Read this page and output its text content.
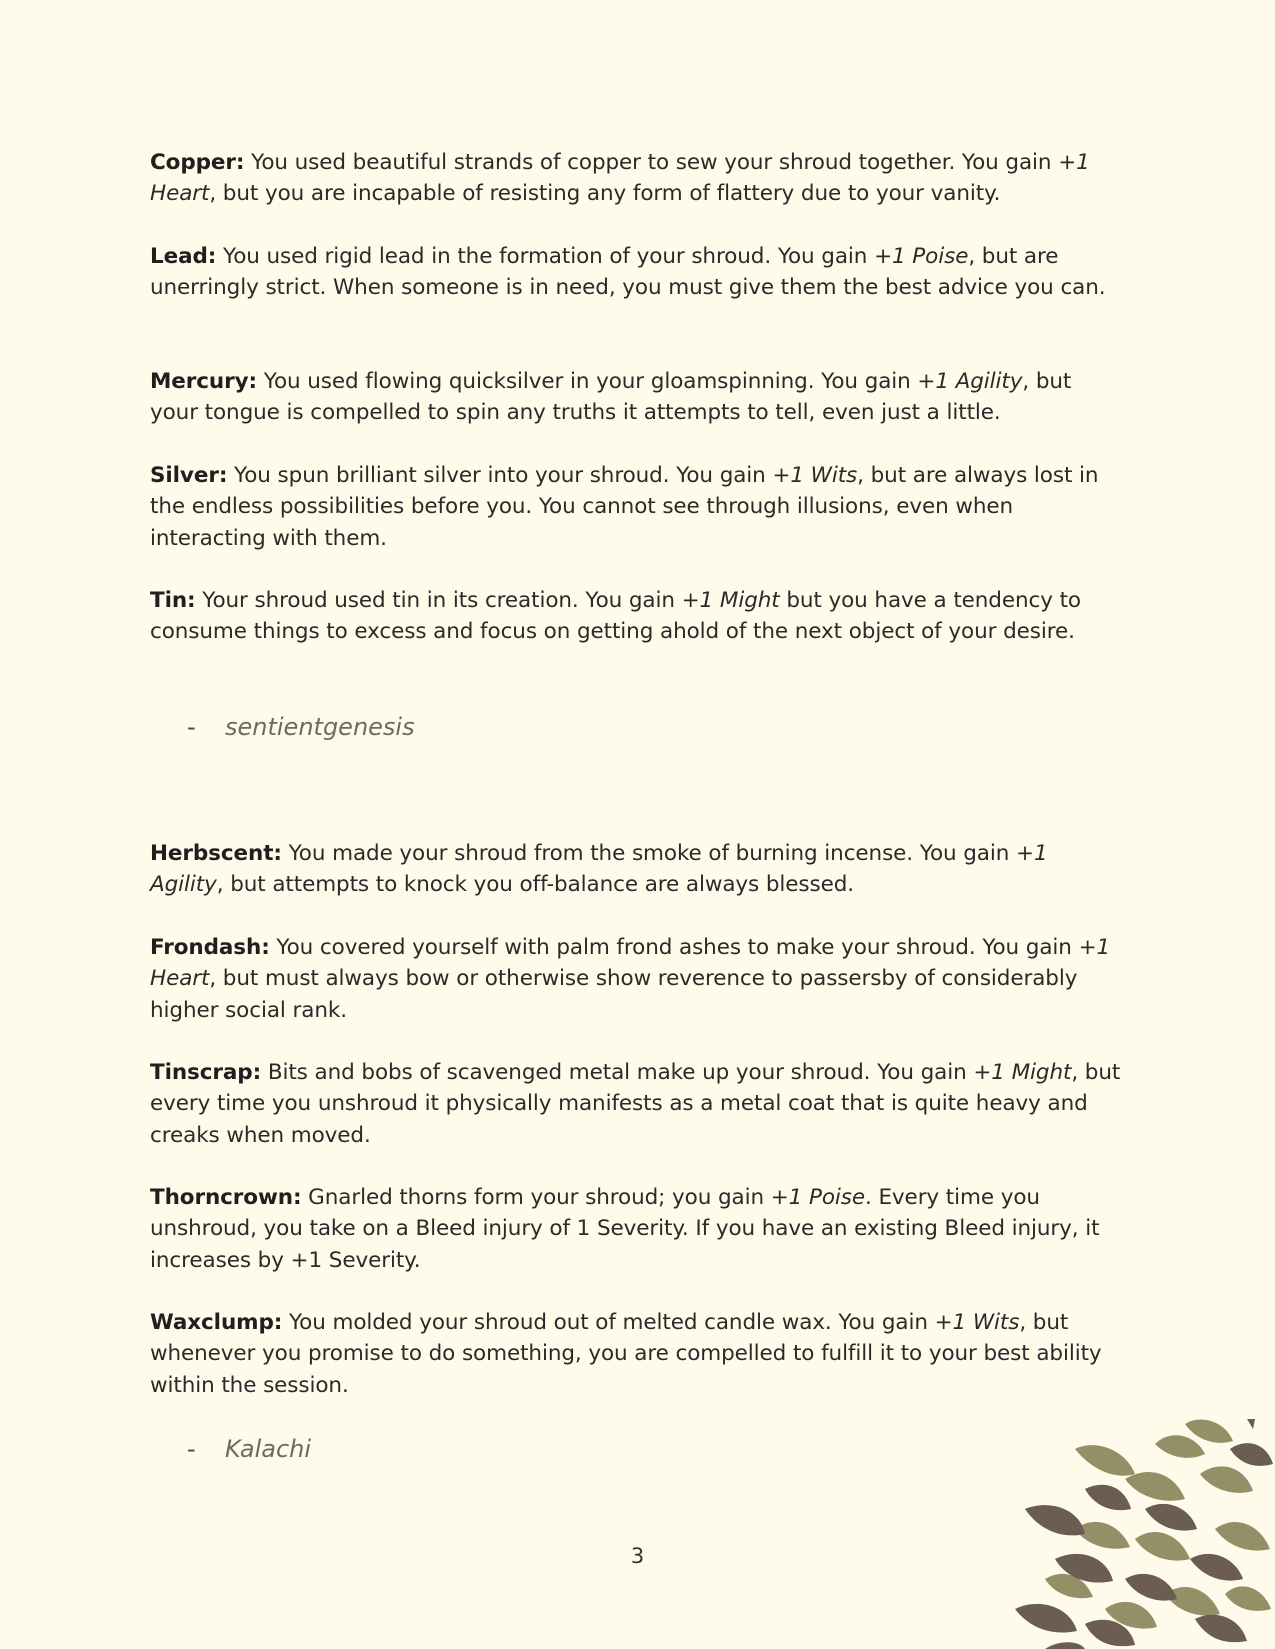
Copper: You used beautiful strands of copper to sew your shroud together. You gain +1 Heart, but you are incapable of resisting any form of flattery due to your vanity.

Lead: You used rigid lead in the formation of your shroud. You gain +1 Poise, but are unerringly strict. When someone is in need, you must give them the best advice you can.

Mercury: You used flowing quicksilver in your gloamspinning. You gain +1 Agility, but your tongue is compelled to spin any truths it attempts to tell, even just a little.

Silver: You spun brilliant silver into your shroud. You gain +1 Wits, but are always lost in the endless possibilities before you. You cannot see through illusions, even when interacting with them.

Tin: Your shroud used tin in its creation. You gain +1 Might but you have a tendency to consume things to excess and focus on getting ahold of the next object of your desire.

- sentientgenesis

Herbscent: You made your shroud from the smoke of burning incense. You gain +1 Agility, but attempts to knock you off-balance are always blessed.

Frondash: You covered yourself with palm frond ashes to make your shroud. You gain +1 Heart, but must always bow or otherwise show reverence to passersby of considerably higher social rank.

Tinscrap: Bits and bobs of scavenged metal make up your shroud. You gain +1 Might, but every time you unshroud it physically manifests as a metal coat that is quite heavy and creaks when moved.

Thorncrown: Gnarled thorns form your shroud; you gain +1 Poise. Every time you unshroud, you take on a Bleed injury of 1 Severity. If you have an existing Bleed injury, it increases by +1 Severity.

Waxclump: You molded your shroud out of melted candle wax. You gain +1 Wits, but whenever you promise to do something, you are compelled to fulfill it to your best ability within the session.

- Kalachi
3
